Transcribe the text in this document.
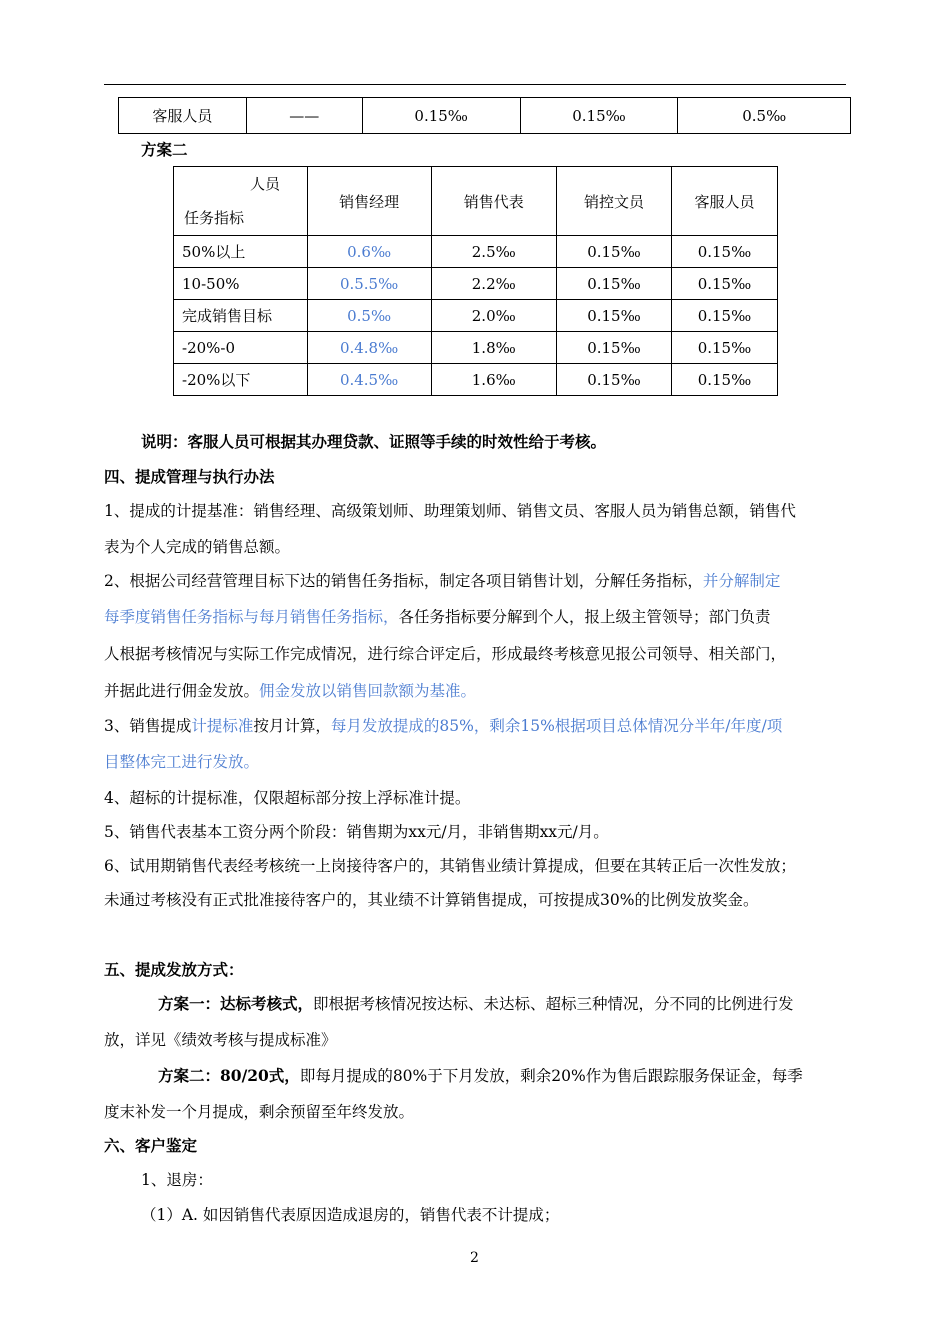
客服人员	——	0.15‰	0.15‰	0.5‰
方案二
人员
任务指标	销售经理	销售代表	销控文员	客服人员
50%以上	0.6‰	2.5‰	0.15‰	0.15‰
10-50%	0.5.5‰	2.2‰	0.15‰	0.15‰
完成销售目标	0.5‰	2.0‰	0.15‰	0.15‰
-20%-0	0.4.8‰	1.8‰	0.15‰	0.15‰
-20%以下	0.4.5‰	1.6‰	0.15‰	0.15‰
说明：客服人员可根据其办理贷款、证照等手续的时效性给于考核。
四、提成管理与执行办法
1、提成的计提基准：销售经理、高级策划师、助理策划师、销售文员、客服人员为销售总额，销售代
表为个人完成的销售总额。
2、根据公司经营管理目标下达的销售任务指标，制定各项目销售计划，分解任务指标，并分解制定
每季度销售任务指标与每月销售任务指标，各任务指标要分解到个人，报上级主管领导；部门负责
人根据考核情况与实际工作完成情况，进行综合评定后，形成最终考核意见报公司领导、相关部门，
并据此进行佣金发放。佣金发放以销售回款额为基准。
3、销售提成计提标准按月计算，每月发放提成的85%，剩余15%根据项目总体情况分半年/年度/项
目整体完工进行发放。
4、超标的计提标准，仅限超标部分按上浮标准计提。
5、销售代表基本工资分两个阶段：销售期为xx元/月，非销售期xx元/月。
6、试用期销售代表经考核统一上岗接待客户的，其销售业绩计算提成，但要在其转正后一次性发放；
未通过考核没有正式批准接待客户的，其业绩不计算销售提成，可按提成30%的比例发放奖金。
五、提成发放方式：
方案一：达标考核式，即根据考核情况按达标、未达标、超标三种情况，分不同的比例进行发
放，详见《绩效考核与提成标准》
方案二：80/20式，即每月提成的80%于下月发放，剩余20%作为售后跟踪服务保证金，每季
度末补发一个月提成，剩余预留至年终发放。
六、客户鉴定
1、退房：
（1）A. 如因销售代表原因造成退房的，销售代表不计提成；
2
